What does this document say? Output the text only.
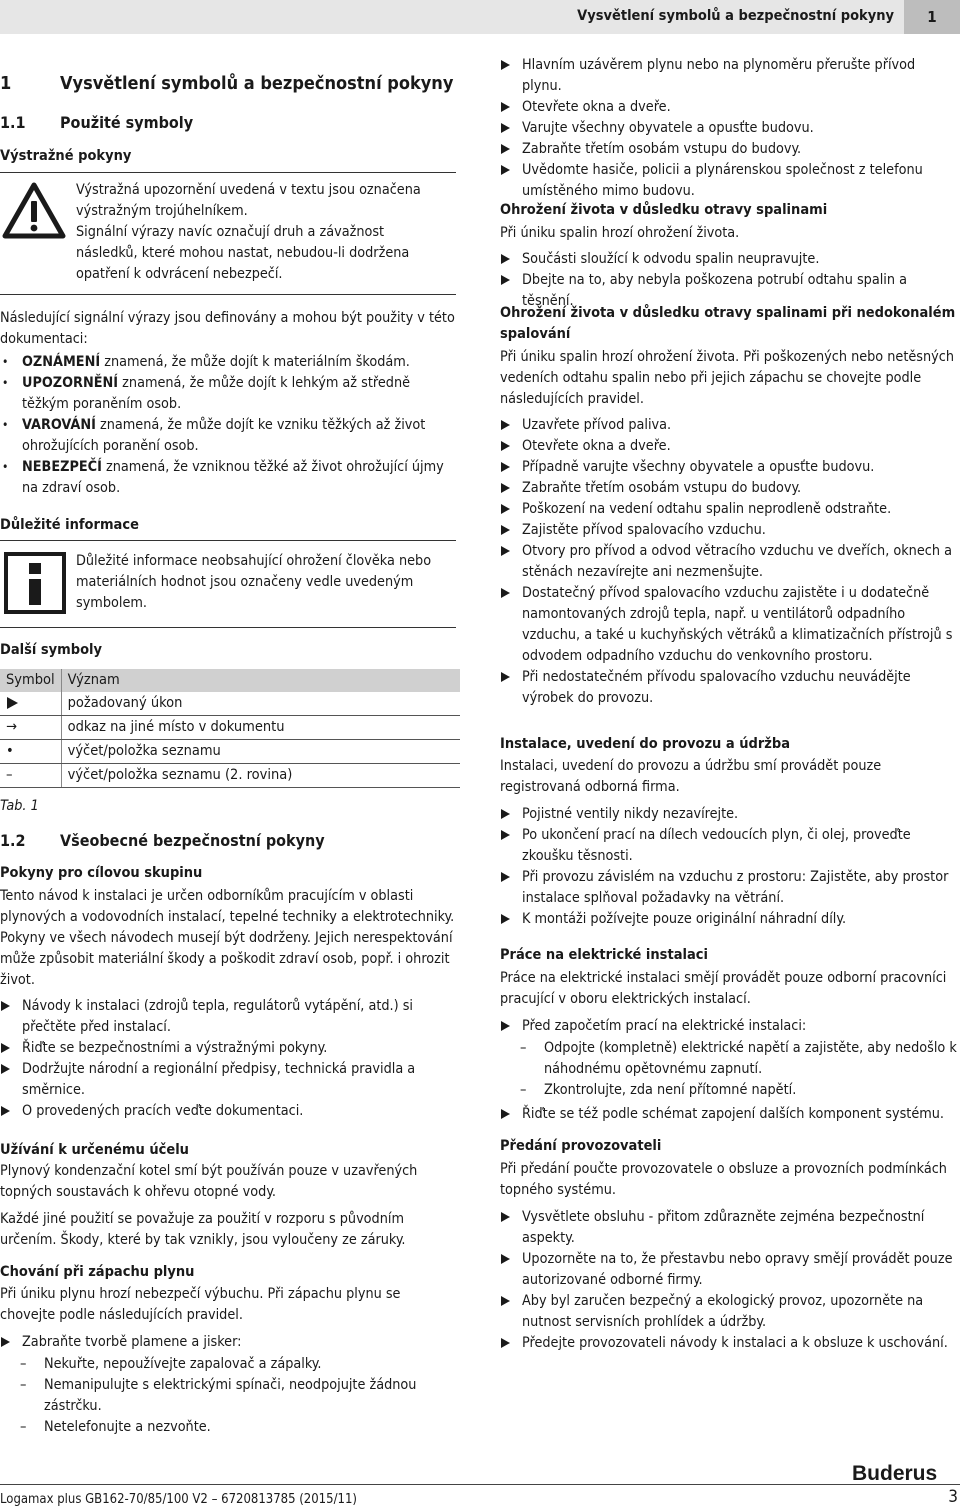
Vysvětlení symbolů a bezpečnostní pokyny	1
1	Vysvětlení symbolů a bezpečnostní pokyny
1.1 Použité symboly
Výstražné pokyny

Výstražná upozornění uvedená v textu jsou označena

výstražným trojúhelníkem.

Signální výrazy navíc označují druh a závažnost

následků, které mohou nastat, nebudou-li dodržena

opatření k odvrácení nebezpečí.

Následující signální výrazy jsou definovány a mohou být použity v této dokumentaci:

• OZNÁMENÍ znamená, že může dojít k materiálním škodám.
• UPOZORNĚNÍ znamená, že může dojít k lehkým až středně těžkým poraněním osob.
• VAROVÁNÍ znamená, že může dojít ke vzniku těžkých až život ohrožujících poranění osob.
• NEBEZPEČÍ znamená, že vzniknou těžké až život ohrožující újmy na zdraví osob.
Důležité informace

Důležité informace neobsahující ohrožení člověka nebo

materiálních hodnot jsou označeny vedle uvedeným

symbolem.

Další symboly
Symbol	Význam
	požadovaný úkon
→	odkaz na jiné místo v dokumentu
•	výčet/položka seznamu
–	výčet/položka seznamu (2. rovina)
Tab. 1
1.2 Všeobecné bezpečnostní pokyny
Pokyny pro cílovou skupinu

Tento návod k instalaci je určen odborníkům pracujícím v oblasti plynových a vodovodních instalací, tepelné techniky a elektrotechniky. Pokyny ve všech návodech musejí být dodrženy. Jejich nerespektování může způsobit materiální škody a poškodit zdraví osob, popř. i ohrozit život.

Návody k instalaci (zdrojů tepla, regulátorů vytápění, atd.) si přečtěte před instalací.
Řiďte se bezpečnostními a výstražnými pokyny.
Dodržujte národní a regionální předpisy, technická pravidla a směrnice.
O provedených pracích veďte dokumentaci.
Užívání k určenému účelu

Plynový kondenzační kotel smí být používán pouze v uzavřených topných soustavách k ohřevu otopné vody.

Každé jiné použití se považuje za použití v rozporu s původním určením. Škody, které by tak vznikly, jsou vyloučeny ze záruky.

Chování při zápachu plynu

Při úniku plynu hrozí nebezpečí výbuchu. Při zápachu plynu se chovejte podle následujících pravidel.

Zabraňte tvorbě plamene a jisker:
– Nekuřte, nepoužívejte zapalovač a zápalky.
– Nemanipulujte s elektrickými spínači, neodpojujte žádnou zástrčku.
– Netelefonujte a nezvoňte.
Hlavním uzávěrem plynu nebo na plynoměru přerušte přívod plynu.
Otevřete okna a dveře.
Varujte všechny obyvatele a opusťte budovu.
Zabraňte třetím osobám vstupu do budovy.
Uvědomte hasiče, policii a plynárenskou společnost z telefonu umístěného mimo budovu.
Ohrožení života v důsledku otravy spalinami

Při úniku spalin hrozí ohrožení života.

Součásti sloužící k odvodu spalin neupravujte.
Dbejte na to, aby nebyla poškozena potrubí odtahu spalin a těsnění.
Ohrožení života v důsledku otravy spalinami při nedokonalém spalování

Při úniku spalin hrozí ohrožení života. Při poškozených nebo netěsných vedeních odtahu spalin nebo při jejich zápachu se chovejte podle následujících pravidel.

Uzavřete přívod paliva.
Otevřete okna a dveře.
Případně varujte všechny obyvatele a opusťte budovu.
Zabraňte třetím osobám vstupu do budovy.
Poškození na vedení odtahu spalin neprodleně odstraňte.
Zajistěte přívod spalovacího vzduchu.
Otvory pro přívod a odvod větracího vzduchu ve dveřích, oknech a stěnách nezavírejte ani nezmenšujte.
Dostatečný přívod spalovacího vzduchu zajistěte i u dodatečně namontovaných zdrojů tepla, např. u ventilátorů odpadního vzduchu, a také u kuchyňských větráků a klimatizačních přístrojů s odvodem odpadního vzduchu do venkovního prostoru.
Při nedostatečném přívodu spalovacího vzduchu neuvádějte výrobek do provozu.
Instalace, uvedení do provozu a údržba

Instalaci, uvedení do provozu a údržbu smí provádět pouze registrovaná odborná firma.

Pojistné ventily nikdy nezavírejte.
Po ukončení prací na dílech vedoucích plyn, či olej, proveďte zkoušku těsnosti.
Při provozu závislém na vzduchu z prostoru: Zajistěte, aby prostor instalace splňoval požadavky na větrání.
K montáži požívejte pouze originální náhradní díly.
Práce na elektrické instalaci

Práce na elektrické instalaci smějí provádět pouze odborní pracovníci pracující v oboru elektrických instalací.

Před započetím prací na elektrické instalaci:
– Odpojte (kompletně) elektrické napětí a zajistěte, aby nedošlo k náhodnému opětovnému zapnutí.
– Zkontrolujte, zda není přítomné napětí.
Řiďte se též podle schémat zapojení dalších komponent systému.
Předání provozovateli

Při předání poučte provozovatele o obsluze a provozních podmínkách topného systému.

Vysvětlete obsluhu - přitom zdůrazněte zejména bezpečnostní aspekty.
Upozorněte na to, že přestavbu nebo opravy smějí provádět pouze autorizované odborné firmy.
Aby byl zaručen bezpečný a ekologický provoz, upozorněte na nutnost servisních prohlídek a údržby.
Předejte provozovateli návody k instalaci a k obsluze k uschování.
Buderus
Logamax plus GB162-70/85/100 V2 – 6720813785 (2015/11)	3
